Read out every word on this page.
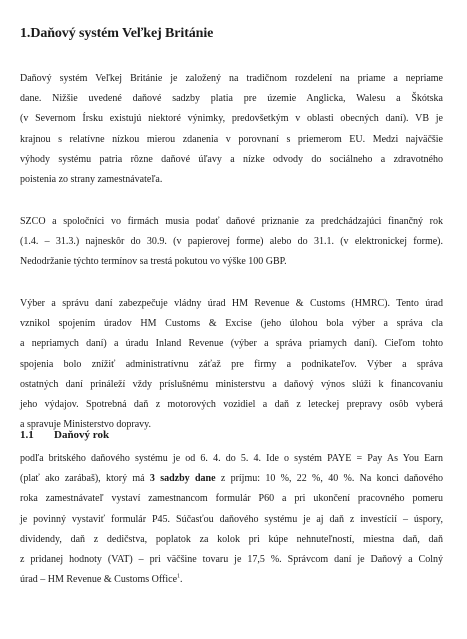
1.Daňový systém Veľkej Británie
Daňový systém Veľkej Británie je založený na tradičnom rozdelení na priame a nepriame
dane. Nižšie uvedené daňové sadzby platia pre územie Anglicka, Walesu a Škótska
(v Severnom Írsku existujú niektoré výnimky, predovšetkým v oblasti obecných daní). VB je
krajnou s relatívne nízkou mierou zdanenia v porovnaní s priemerom EU. Medzi najväčšie
výhody systému patria rôzne daňové úľavy a nízke odvody do sociálneho a zdravotného
poistenia zo strany zamestnávateľa.
SZCO a spoločníci vo firmách musia podať daňové priznanie za predchádzajúci finančný rok
(1.4. – 31.3.) najneskôr do 30.9. (v papierovej forme) alebo do 31.1. (v elektronickej forme).
Nedodržanie týchto termínov sa trestá pokutou vo výške 100 GBP.
Výber a správu daní zabezpečuje vládny úrad HM Revenue & Customs (HMRC). Tento úrad
vznikol spojením úradov HM Customs & Excise (jeho úlohou bola výber a správa cla
a nepriamych daní) a úradu Inland Revenue (výber a správa priamych daní). Cieľom tohto
spojenia bolo znížiť administratívnu záťaž pre firmy a podnikateľov. Výber a správa
ostatných daní prináleží vždy príslušnému ministerstvu a daňový výnos slúži k financovaniu
jeho výdajov. Spotrebná daň z motorových vozidiel a daň z leteckej prepravy osôb vyberá
a spravuje Ministerstvo dopravy.
1.1 Daňový rok
podľa britského daňového systému je od 6. 4. do 5. 4. Ide o systém PAYE = Pay As You Earn
(plať ako zarábaš), ktorý má 3 sadzby dane z príjmu: 10 %, 22 %, 40 %. Na konci daňového
roka zamestnávateľ vystaví zamestnancom formulár P60 a pri ukončení pracovného pomeru
je povinný vystaviť formulár P45. Súčasťou daňového systému je aj daň z investícií – úspory,
dividendy, daň z dedičstva, poplatok za kolok pri kúpe nehnuteľností, miestna daň, daň
z pridanej hodnoty (VAT) – pri väčšine tovaru je 17,5 %. Správcom daní je Daňový a Colný
úrad – HM Revenue & Customs Office$^1$.
